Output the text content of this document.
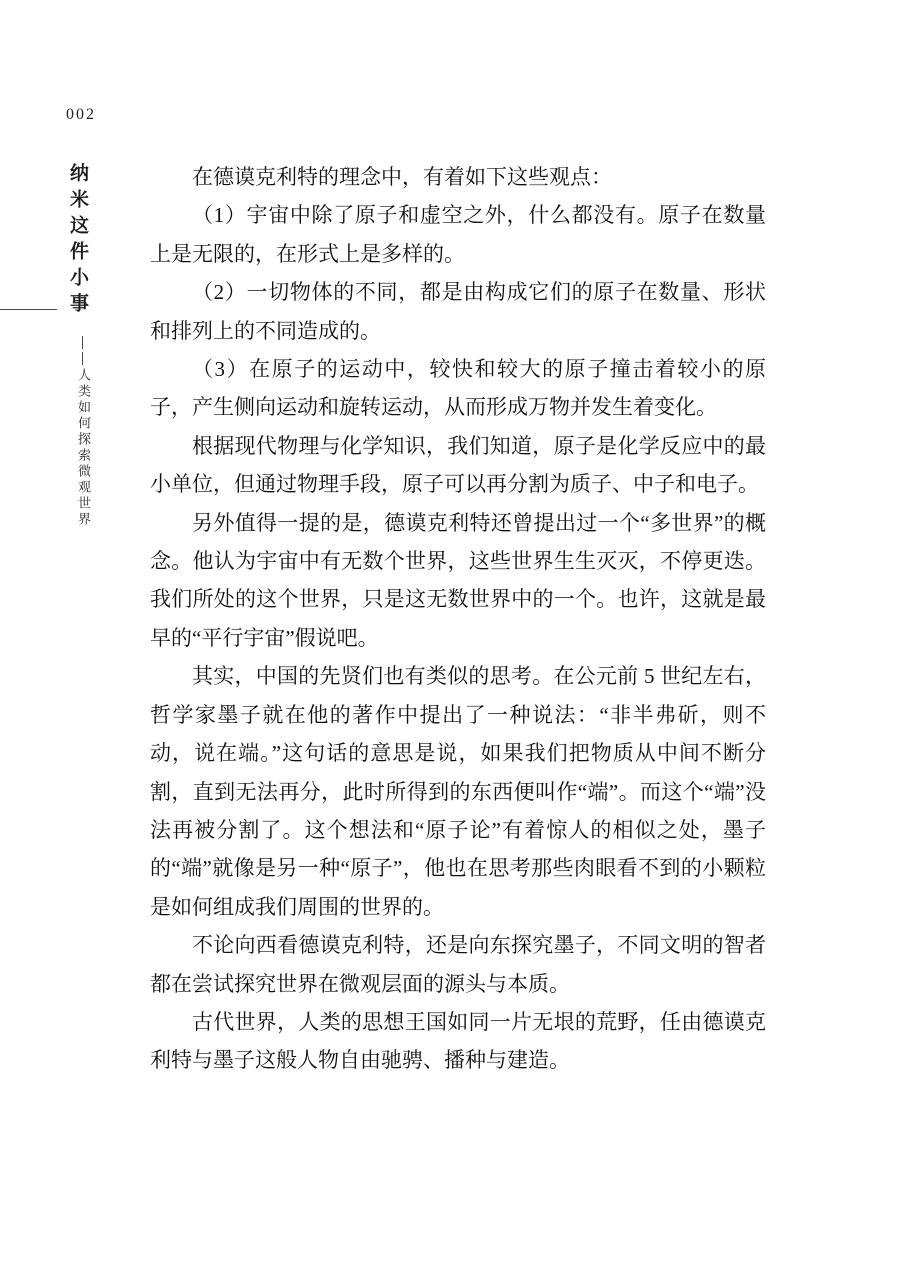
002
纳米这件小事
——人类如何探索微观世界

在德谟克利特的理念中，有着如下这些观点：

（1）宇宙中除了原子和虚空之外，什么都没有。原子在数量上是无限的，在形式上是多样的。

（2）一切物体的不同，都是由构成它们的原子在数量、形状和排列上的不同造成的。

（3）在原子的运动中，较快和较大的原子撞击着较小的原子，产生侧向运动和旋转运动，从而形成万物并发生着变化。

根据现代物理与化学知识，我们知道，原子是化学反应中的最小单位，但通过物理手段，原子可以再分割为质子、中子和电子。

另外值得一提的是，德谟克利特还曾提出过一个“多世界”的概念。他认为宇宙中有无数个世界，这些世界生生灭灭，不停更迭。我们所处的这个世界，只是这无数世界中的一个。也许，这就是最早的“平行宇宙”假说吧。

其实，中国的先贤们也有类似的思考。在公元前 5 世纪左右，哲学家墨子就在他的著作中提出了一种说法：“非半弗斫，则不动，说在端。”这句话的意思是说，如果我们把物质从中间不断分割，直到无法再分，此时所得到的东西便叫作“端”。而这个“端”没法再被分割了。这个想法和“原子论”有着惊人的相似之处，墨子的“端”就像是另一种“原子”，他也在思考那些肉眼看不到的小颗粒是如何组成我们周围的世界的。

不论向西看德谟克利特，还是向东探究墨子，不同文明的智者都在尝试探究世界在微观层面的源头与本质。

古代世界，人类的思想王国如同一片无垠的荒野，任由德谟克利特与墨子这般人物自由驰骋、播种与建造。
